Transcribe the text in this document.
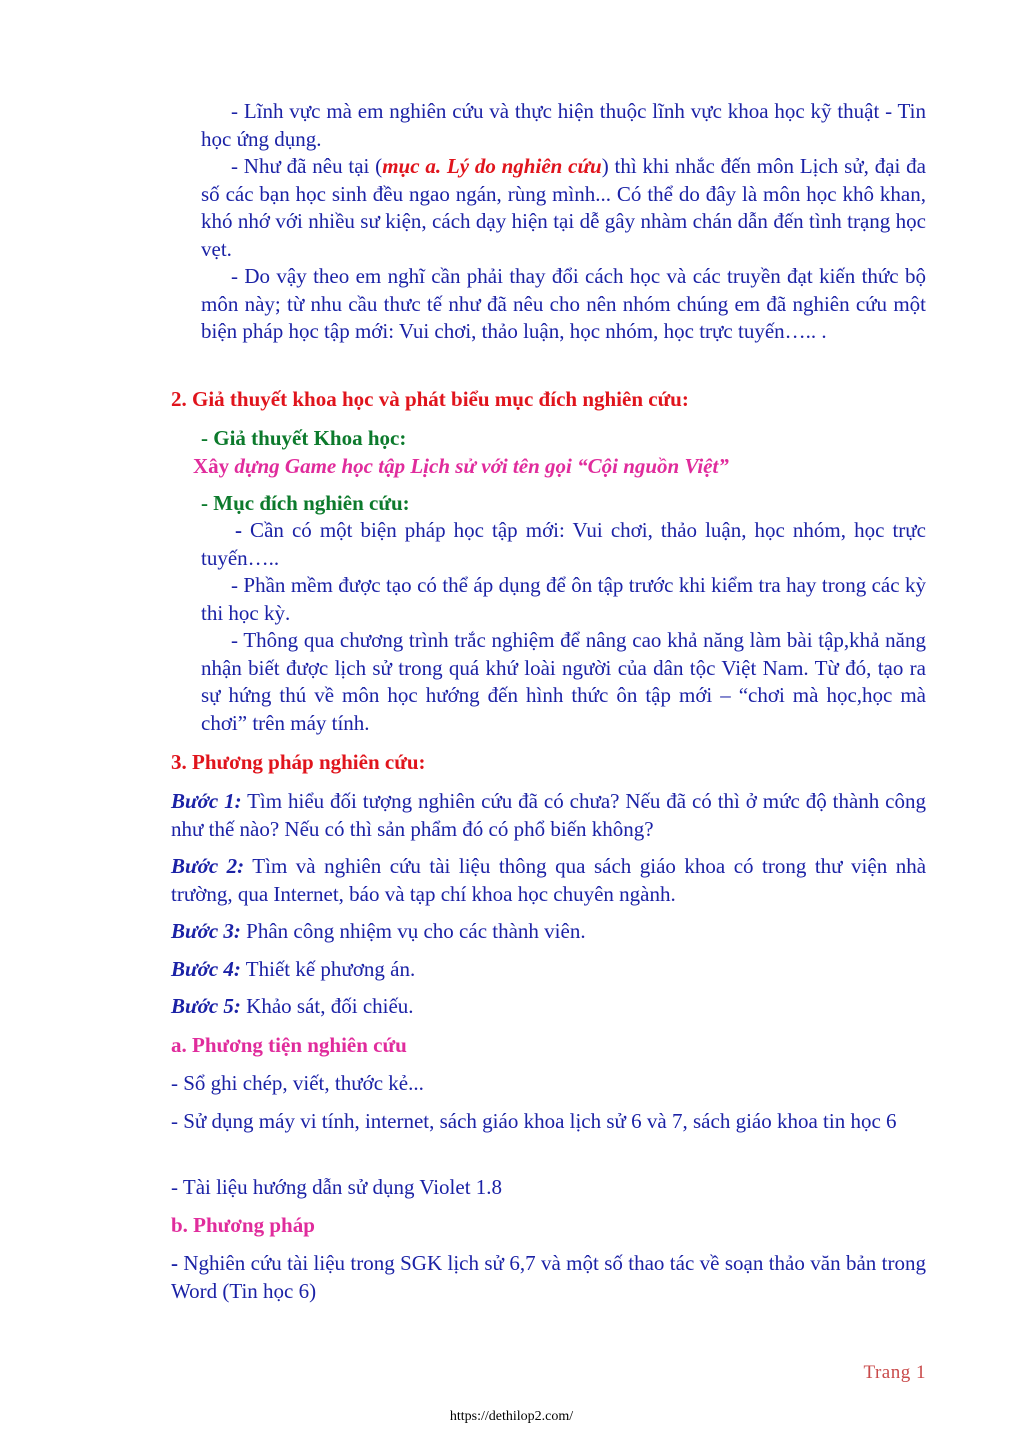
- Lĩnh vực mà em nghiên cứu và thực hiện thuộc lĩnh vực khoa học kỹ thuật - Tin học ứng dụng.
- Như đã nêu tại (mục a. Lý do nghiên cứu) thì khi nhắc đến môn Lịch sử, đại đa số các bạn học sinh đều ngao ngán, rùng mình... Có thể do đây là môn học khô khan, khó nhớ với nhiều sư kiện, cách dạy hiện tại dễ gây nhàm chán dẫn đến tình trạng học vẹt.
- Do vậy theo em nghĩ cần phải thay đổi cách học và các truyền đạt kiến thức bộ môn này; từ nhu cầu thưc tế như đã nêu cho nên nhóm chúng em đã nghiên cứu một biện pháp học tập mới: Vui chơi, thảo luận, học nhóm, học trực tuyến….. .
2. Giả thuyết khoa học và phát biểu mục đích nghiên cứu:
- Giả thuyết Khoa học:
Xây dựng Game học tập Lịch sử với tên gọi “Cội nguồn Việt”
- Mục đích nghiên cứu:
- Cần có một biện pháp học tập mới: Vui chơi, thảo luận, học nhóm, học trực tuyến…..
- Phần mềm được tạo có thể áp dụng để ôn tập trước khi kiểm tra hay trong các kỳ thi học kỳ.
- Thông qua chương trình trắc nghiệm để nâng cao khả năng làm bài tập,khả năng nhận biết được lịch sử trong quá khứ loài người của dân tộc Việt Nam. Từ đó, tạo ra sự hứng thú về môn học hướng đến hình thức ôn tập mới – “chơi mà học,học mà chơi” trên máy tính.
3. Phương pháp nghiên cứu:
Bước 1: Tìm hiểu đối tượng nghiên cứu đã có chưa? Nếu đã có thì ở mức độ thành công như thế nào? Nếu có thì sản phẩm đó có phổ biến không?
Bước 2: Tìm và nghiên cứu tài liệu thông qua sách giáo khoa có trong thư viện nhà trường, qua Internet, báo và tạp chí khoa học chuyên ngành.
Bước 3: Phân công nhiệm vụ cho các thành viên.
Bước 4: Thiết kế phương án.
Bước 5: Khảo sát, đối chiếu.
a. Phương tiện nghiên cứu
- Sổ ghi chép, viết, thước kẻ...
- Sử dụng máy vi tính, internet, sách giáo khoa lịch sử 6 và 7, sách giáo khoa tin học 6
- Tài liệu hướng dẫn sử dụng Violet 1.8
b. Phương pháp
- Nghiên cứu tài liệu trong SGK lịch sử 6,7 và một số thao tác về soạn thảo văn bản trong Word (Tin học 6)
Trang 1
https://dethilop2.com/
